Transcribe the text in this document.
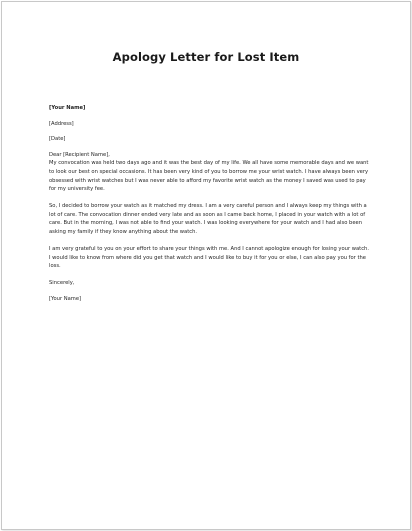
Apology Letter for Lost Item
[Your Name]
[Address]
[Date]
Dear [Recipient Name],

My convocation was held two days ago and it was the best day of my life. We all have some memorable days and we want to look our best on special occasions. It has been very kind of you to borrow me your wrist watch. I have always been very obsessed with wrist watches but I was never able to afford my favorite wrist watch as the money I saved was used to pay for my university fee.

So, I decided to borrow your watch as it matched my dress. I am a very careful person and I always keep my things with a lot of care. The convocation dinner ended very late and as soon as I came back home, I placed in your watch with a lot of care. But in the morning, I was not able to find your watch. I was looking everywhere for your watch and I had also been asking my family if they know anything about the watch.

I am very grateful to you on your effort to share your things with me. And I cannot apologize enough for losing your watch. I would like to know from where did you get that watch and I would like to buy it for you or else, I can also pay you for the loss.

Sincerely,
[Your Name]
